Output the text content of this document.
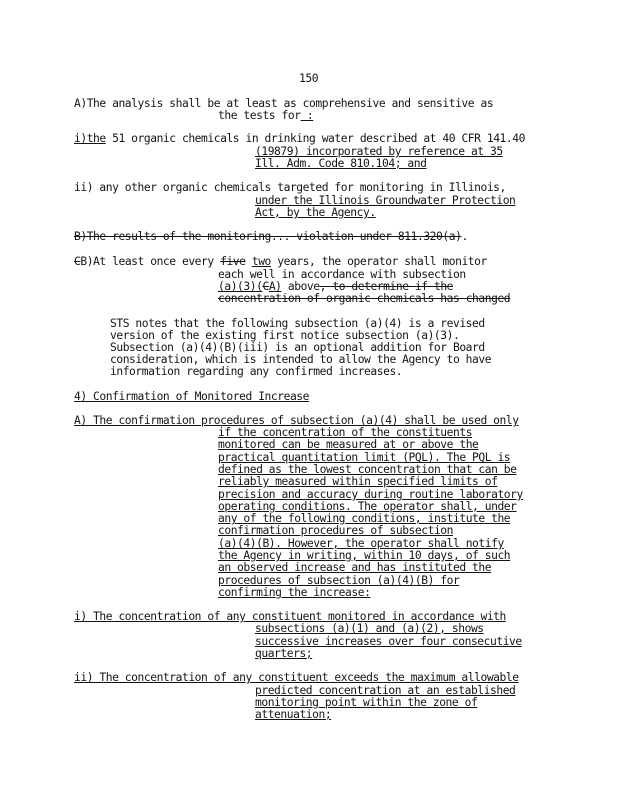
150
A)The analysis shall be at least as comprehensive and sensitive as
the tests for :
i)the 51 organic chemicals in drinking water described at 40 CFR 141.40
(19879) incorporated by reference at 35
Ill. Adm. Code 810.104; and
ii) any other organic chemicals targeted for monitoring in Illinois,
under the Illinois Groundwater Protection
Act, by the Agency.
B)The results of the monitoring... violation under 811.320(a).
CB)At least once every five two years, the operator shall monitor
each well in accordance with subsection
(a)(3)(CA) above, to determine if the
concentration of organic chemicals has changed
STS notes that the following subsection (a)(4) is a revised
version of the existing first notice subsection (a)(3).
Subsection (a)(4)(B)(iii) is an optional addition for Board
consideration, which is intended to allow the Agency to have
information regarding any confirmed increases.
4) Confirmation of Monitored Increase
A) The confirmation procedures of subsection (a)(4) shall be used only
if the concentration of the constituents
monitored can be measured at or above the
practical quantitation limit (PQL). The PQL is
defined as the lowest concentration that can be
reliably measured within specified limits of
precision and accuracy during routine laboratory
operating conditions. The operator shall, under
any of the following conditions, institute the
confirmation procedures of subsection
(a)(4)(B). However, the operator shall notify
the Agency in writing, within 10 days, of such
an observed increase and has instituted the
procedures of subsection (a)(4)(B) for
confirming the increase:
i) The concentration of any constituent monitored in accordance with
subsections (a)(1) and (a)(2), shows
successive increases over four consecutive
quarters;
ii) The concentration of any constituent exceeds the maximum allowable
predicted concentration at an established
monitoring point within the zone of
attenuation;
